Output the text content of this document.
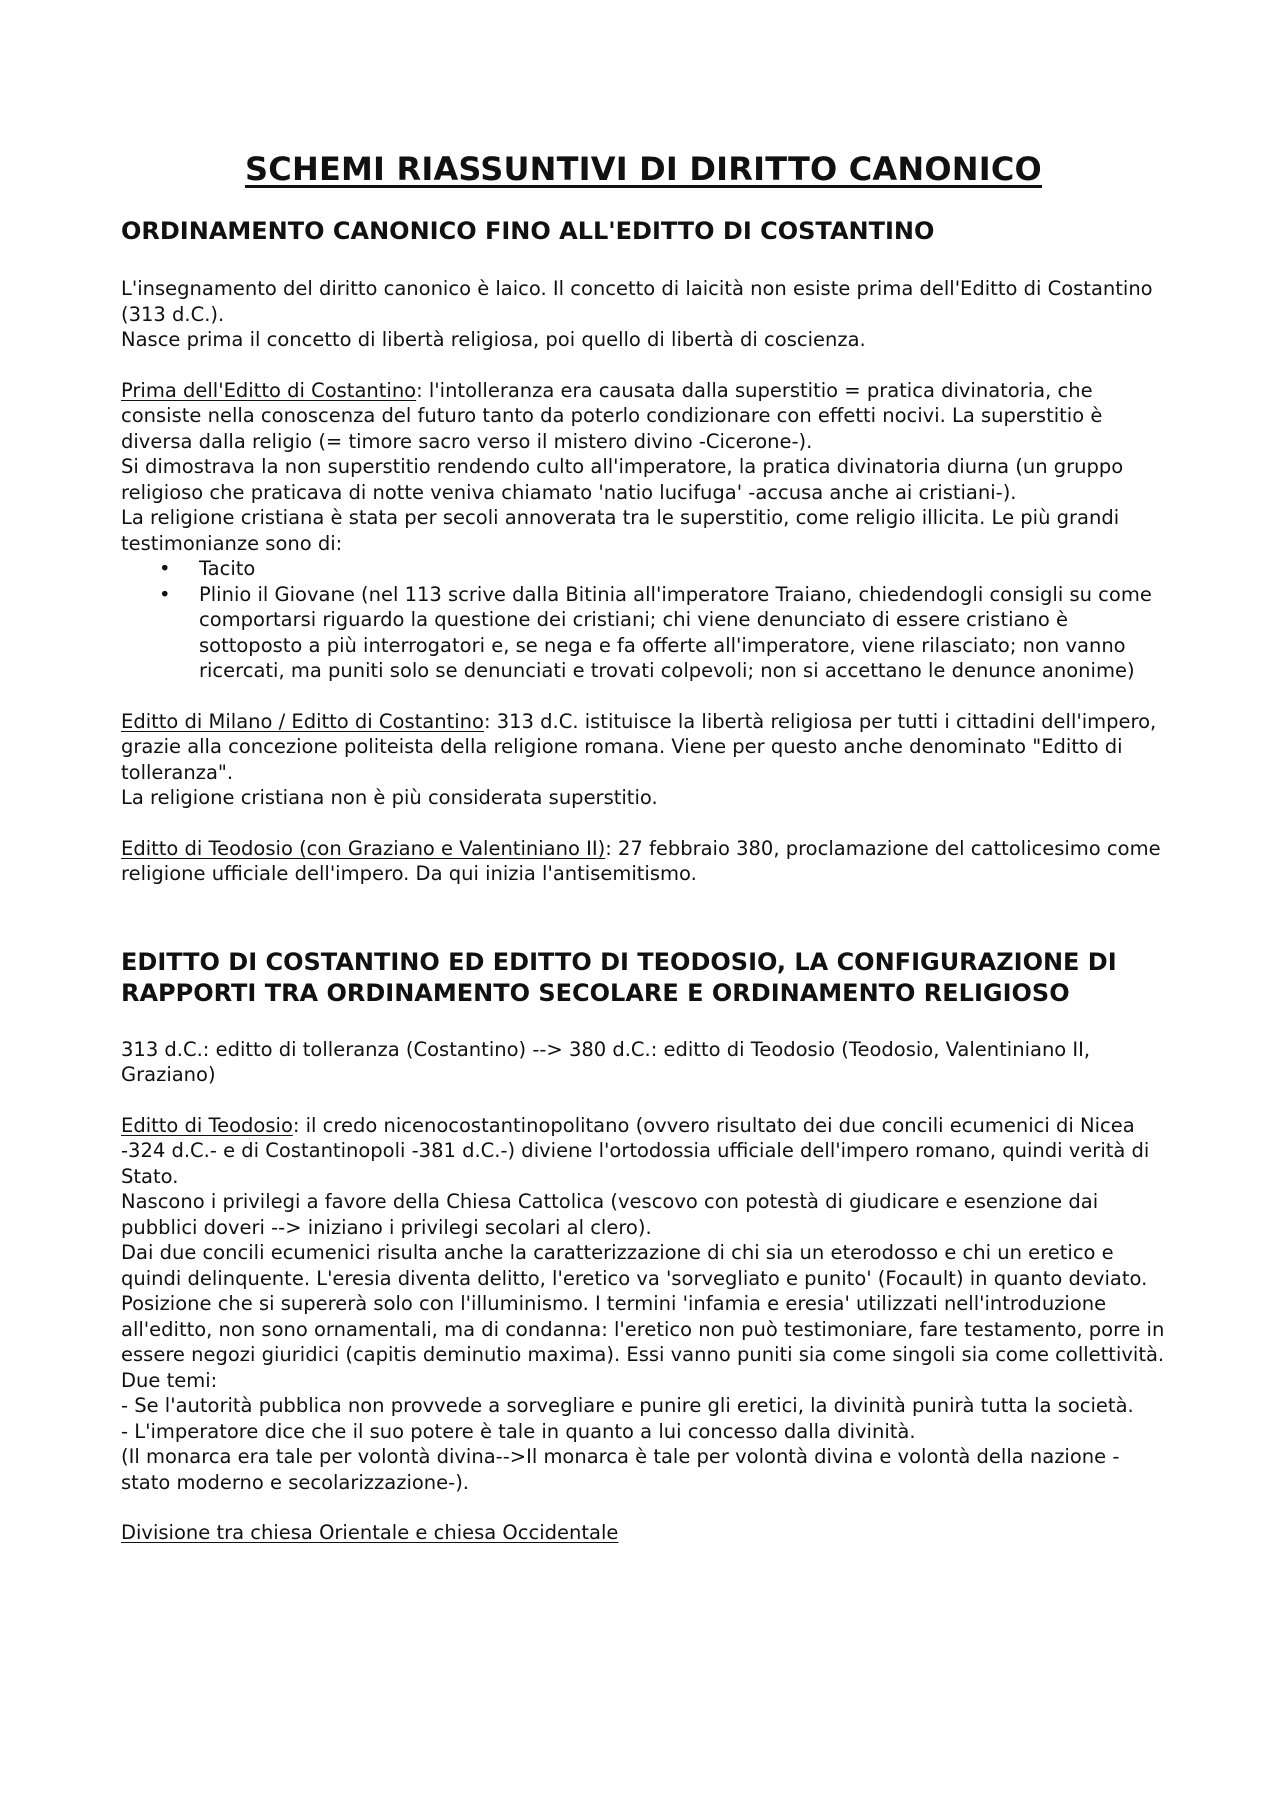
SCHEMI RIASSUNTIVI DI DIRITTO CANONICO
ORDINAMENTO CANONICO FINO ALL'EDITTO DI COSTANTINO

L'insegnamento del diritto canonico è laico. Il concetto di laicità non esiste prima dell'Editto di Costantino (313 d.C.).

Nasce prima il concetto di libertà religiosa, poi quello di libertà di coscienza.

Prima dell'Editto di Costantino: l'intolleranza era causata dalla superstitio = pratica divinatoria, che consiste nella conoscenza del futuro tanto da poterlo condizionare con effetti nocivi. La superstitio è diversa dalla religio (= timore sacro verso il mistero divino -Cicerone-).

Si dimostrava la non superstitio rendendo culto all'imperatore, la pratica divinatoria diurna (un gruppo religioso che praticava di notte veniva chiamato 'natio lucifuga' -accusa anche ai cristiani-).

La religione cristiana è stata per secoli annoverata tra le superstitio, come religio illicita. Le più grandi testimonianze sono di:

• Tacito
• Plinio il Giovane (nel 113 scrive dalla Bitinia all'imperatore Traiano, chiedendogli consigli su come comportarsi riguardo la questione dei cristiani; chi viene denunciato di essere cristiano è sottoposto a più interrogatori e, se nega e fa offerte all'imperatore, viene rilasciato; non vanno ricercati, ma puniti solo se denunciati e trovati colpevoli; non si accettano le denunce anonime)

Editto di Milano / Editto di Costantino: 313 d.C. istituisce la libertà religiosa per tutti i cittadini dell'impero, grazie alla concezione politeista della religione romana. Viene per questo anche denominato "Editto di tolleranza".

La religione cristiana non è più considerata superstitio.

Editto di Teodosio (con Graziano e Valentiniano II): 27 febbraio 380, proclamazione del cattolicesimo come religione ufficiale dell'impero. Da qui inizia l'antisemitismo.

EDITTO DI COSTANTINO ED EDITTO DI TEODOSIO, LA CONFIGURAZIONE DI RAPPORTI TRA ORDINAMENTO SECOLARE E ORDINAMENTO RELIGIOSO

313 d.C.: editto di tolleranza (Costantino) --> 380 d.C.: editto di Teodosio (Teodosio, Valentiniano II, Graziano)

Editto di Teodosio: il credo nicenocostantinopolitano (ovvero risultato dei due concili ecumenici di Nicea -324 d.C.- e di Costantinopoli -381 d.C.-) diviene l'ortodossia ufficiale dell'impero romano, quindi verità di Stato.

Nascono i privilegi a favore della Chiesa Cattolica (vescovo con potestà di giudicare e esenzione dai pubblici doveri --> iniziano i privilegi secolari al clero).

Dai due concili ecumenici risulta anche la caratterizzazione di chi sia un eterodosso e chi un eretico e quindi delinquente. L'eresia diventa delitto, l'eretico va 'sorvegliato e punito' (Focault) in quanto deviato. Posizione che si supererà solo con l'illuminismo. I termini 'infamia e eresia' utilizzati nell'introduzione all'editto, non sono ornamentali, ma di condanna: l'eretico non può testimoniare, fare testamento, porre in essere negozi giuridici (capitis deminutio maxima). Essi vanno puniti sia come singoli sia come collettività.

Due temi:

- Se l'autorità pubblica non provvede a sorvegliare e punire gli eretici, la divinità punirà tutta la società.

- L'imperatore dice che il suo potere è tale in quanto a lui concesso dalla divinità.

(Il monarca era tale per volontà divina-->Il monarca è tale per volontà divina e volontà della nazione -stato moderno e secolarizzazione-).

Divisione tra chiesa Orientale e chiesa Occidentale
